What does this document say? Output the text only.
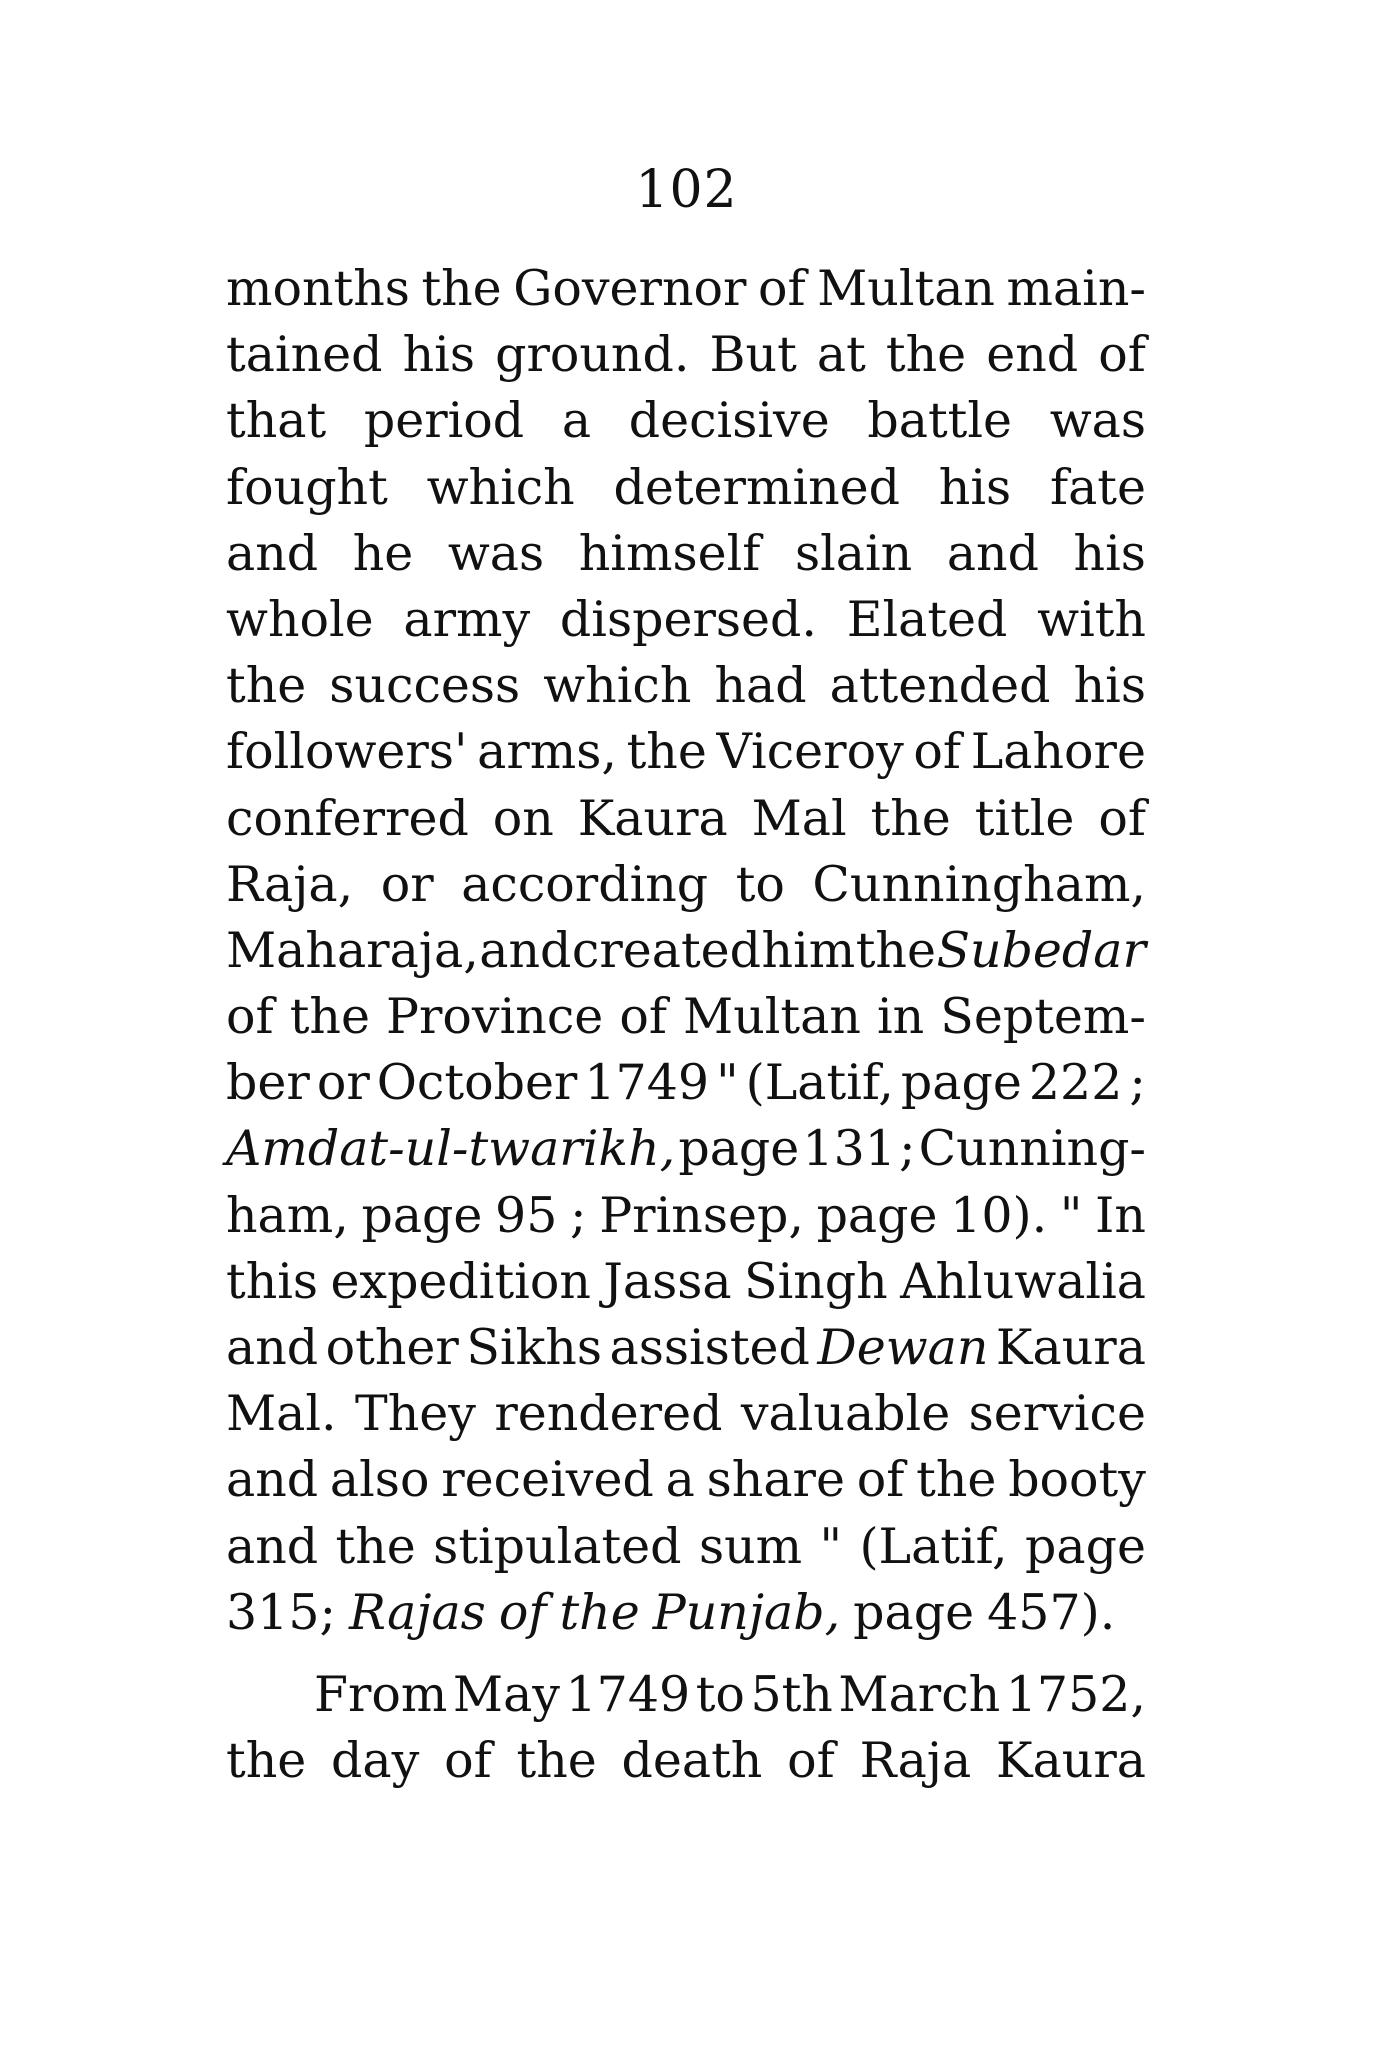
102
months the Governor of Multan main-
tained his ground. But at the end of
that period a decisive battle was
fought which determined his fate
and he was himself slain and his
whole army dispersed. Elated with
the success which had attended his
followers' arms, the Viceroy of Lahore
conferred on Kaura Mal the title of
Raja, or according to Cunningham,
Maharaja, and created him the Subedar
of the Province of Multan in Septem-
ber or October 1749 " (Latif, page 222 ;
Amdat-ul-twarikh, page 131 ; Cunning-
ham, page 95 ; Prinsep, page 10). " In
this expedition Jassa Singh Ahluwalia
and other Sikhs assisted Dewan Kaura
Mal. They rendered valuable service
and also received a share of the booty
and the stipulated sum " (Latif, page
315; Rajas of the Punjab, page 457).
From May 1749 to 5th March 1752,
the day of the death of Raja Kaura
